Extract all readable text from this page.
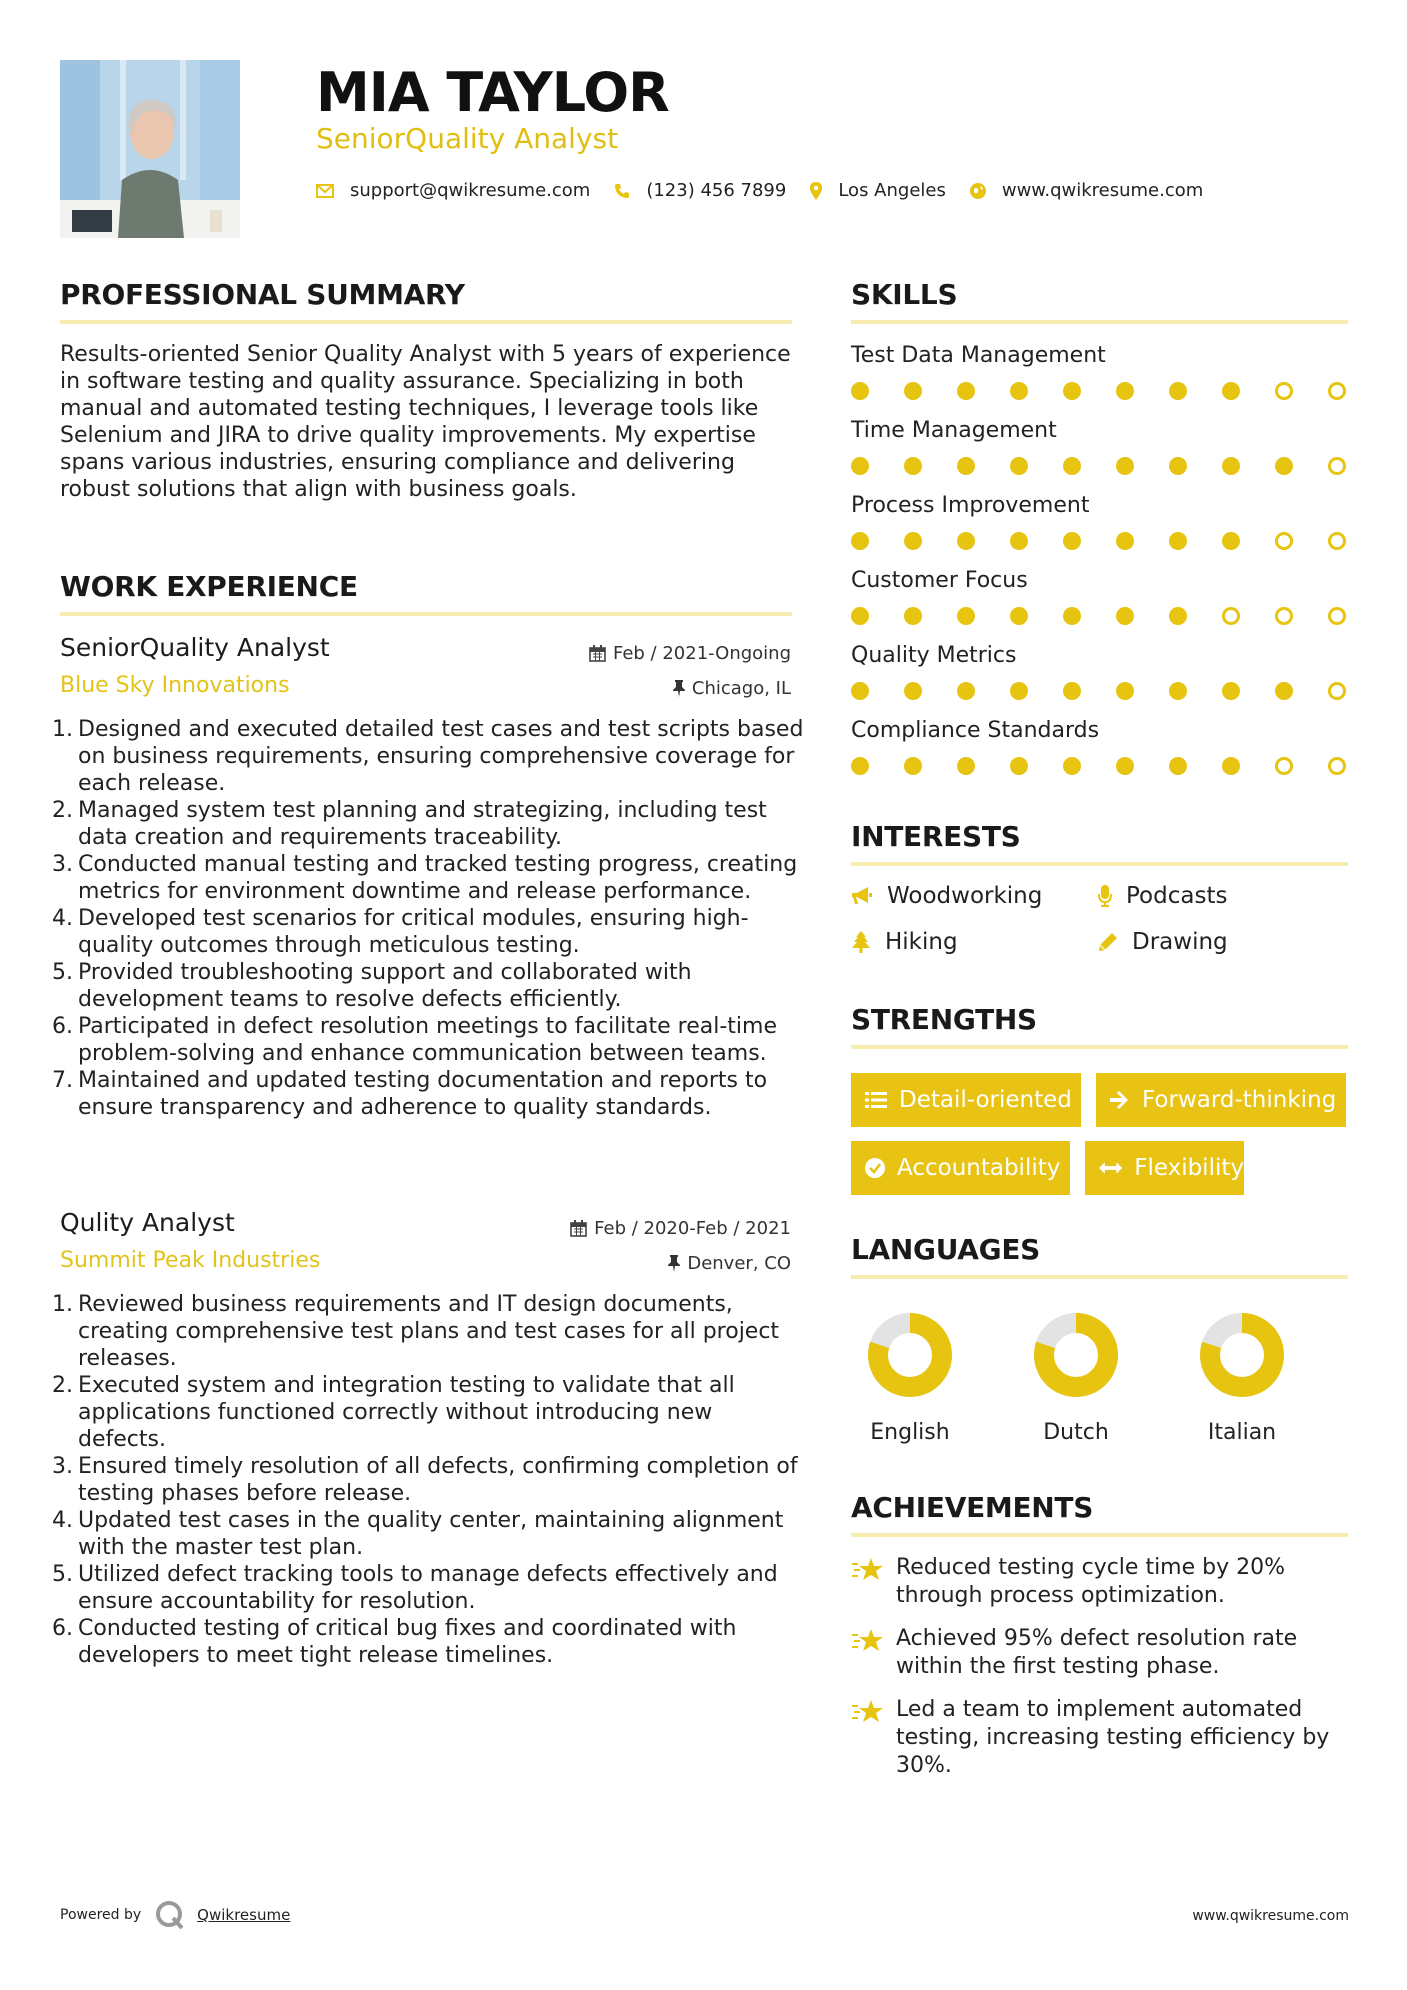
MIA TAYLOR
SeniorQuality Analyst
support@qwikresume.com	(123) 456 7899	Los Angeles	www.qwikresume.com
PROFESSIONAL SUMMARY

Results-oriented Senior Quality Analyst with 5 years of experience in software testing and quality assurance. Specializing in both manual and automated testing techniques, I leverage tools like Selenium and JIRA to drive quality improvements. My expertise spans various industries, ensuring compliance and delivering robust solutions that align with business goals.

WORK EXPERIENCE
SeniorQuality Analyst	Feb / 2021-Ongoing
Blue Sky Innovations	Chicago, IL
1. Designed and executed detailed test cases and test scripts based on business requirements, ensuring comprehensive coverage for each release.
2. Managed system test planning and strategizing, including test data creation and requirements traceability.
3. Conducted manual testing and tracked testing progress, creating metrics for environment downtime and release performance.
4. Developed test scenarios for critical modules, ensuring high-quality outcomes through meticulous testing.
5. Provided troubleshooting support and collaborated with development teams to resolve defects efficiently.
6. Participated in defect resolution meetings to facilitate real-time problem-solving and enhance communication between teams.
7. Maintained and updated testing documentation and reports to ensure transparency and adherence to quality standards.
Qulity Analyst	Feb / 2020-Feb / 2021
Summit Peak Industries	Denver, CO
1. Reviewed business requirements and IT design documents, creating comprehensive test plans and test cases for all project releases.
2. Executed system and integration testing to validate that all applications functioned correctly without introducing new defects.
3. Ensured timely resolution of all defects, confirming completion of testing phases before release.
4. Updated test cases in the quality center, maintaining alignment with the master test plan.
5. Utilized defect tracking tools to manage defects effectively and ensure accountability for resolution.
6. Conducted testing of critical bug fixes and coordinated with developers to meet tight release timelines.
SKILLS
Test Data Management
Time Management
Process Improvement
Customer Focus
Quality Metrics
Compliance Standards
INTERESTS
Woodworking	Podcasts
Hiking	Drawing
STRENGTHS
Detail-oriented	Forward-thinking
Accountability	Flexibility
LANGUAGES
English	Dutch	Italian
ACHIEVEMENTS
Reduced testing cycle time by 20% through process optimization.
Achieved 95% defect resolution rate within the first testing phase.
Led a team to implement automated testing, increasing testing efficiency by 30%.
Powered by	Qwikresume	www.qwikresume.com
